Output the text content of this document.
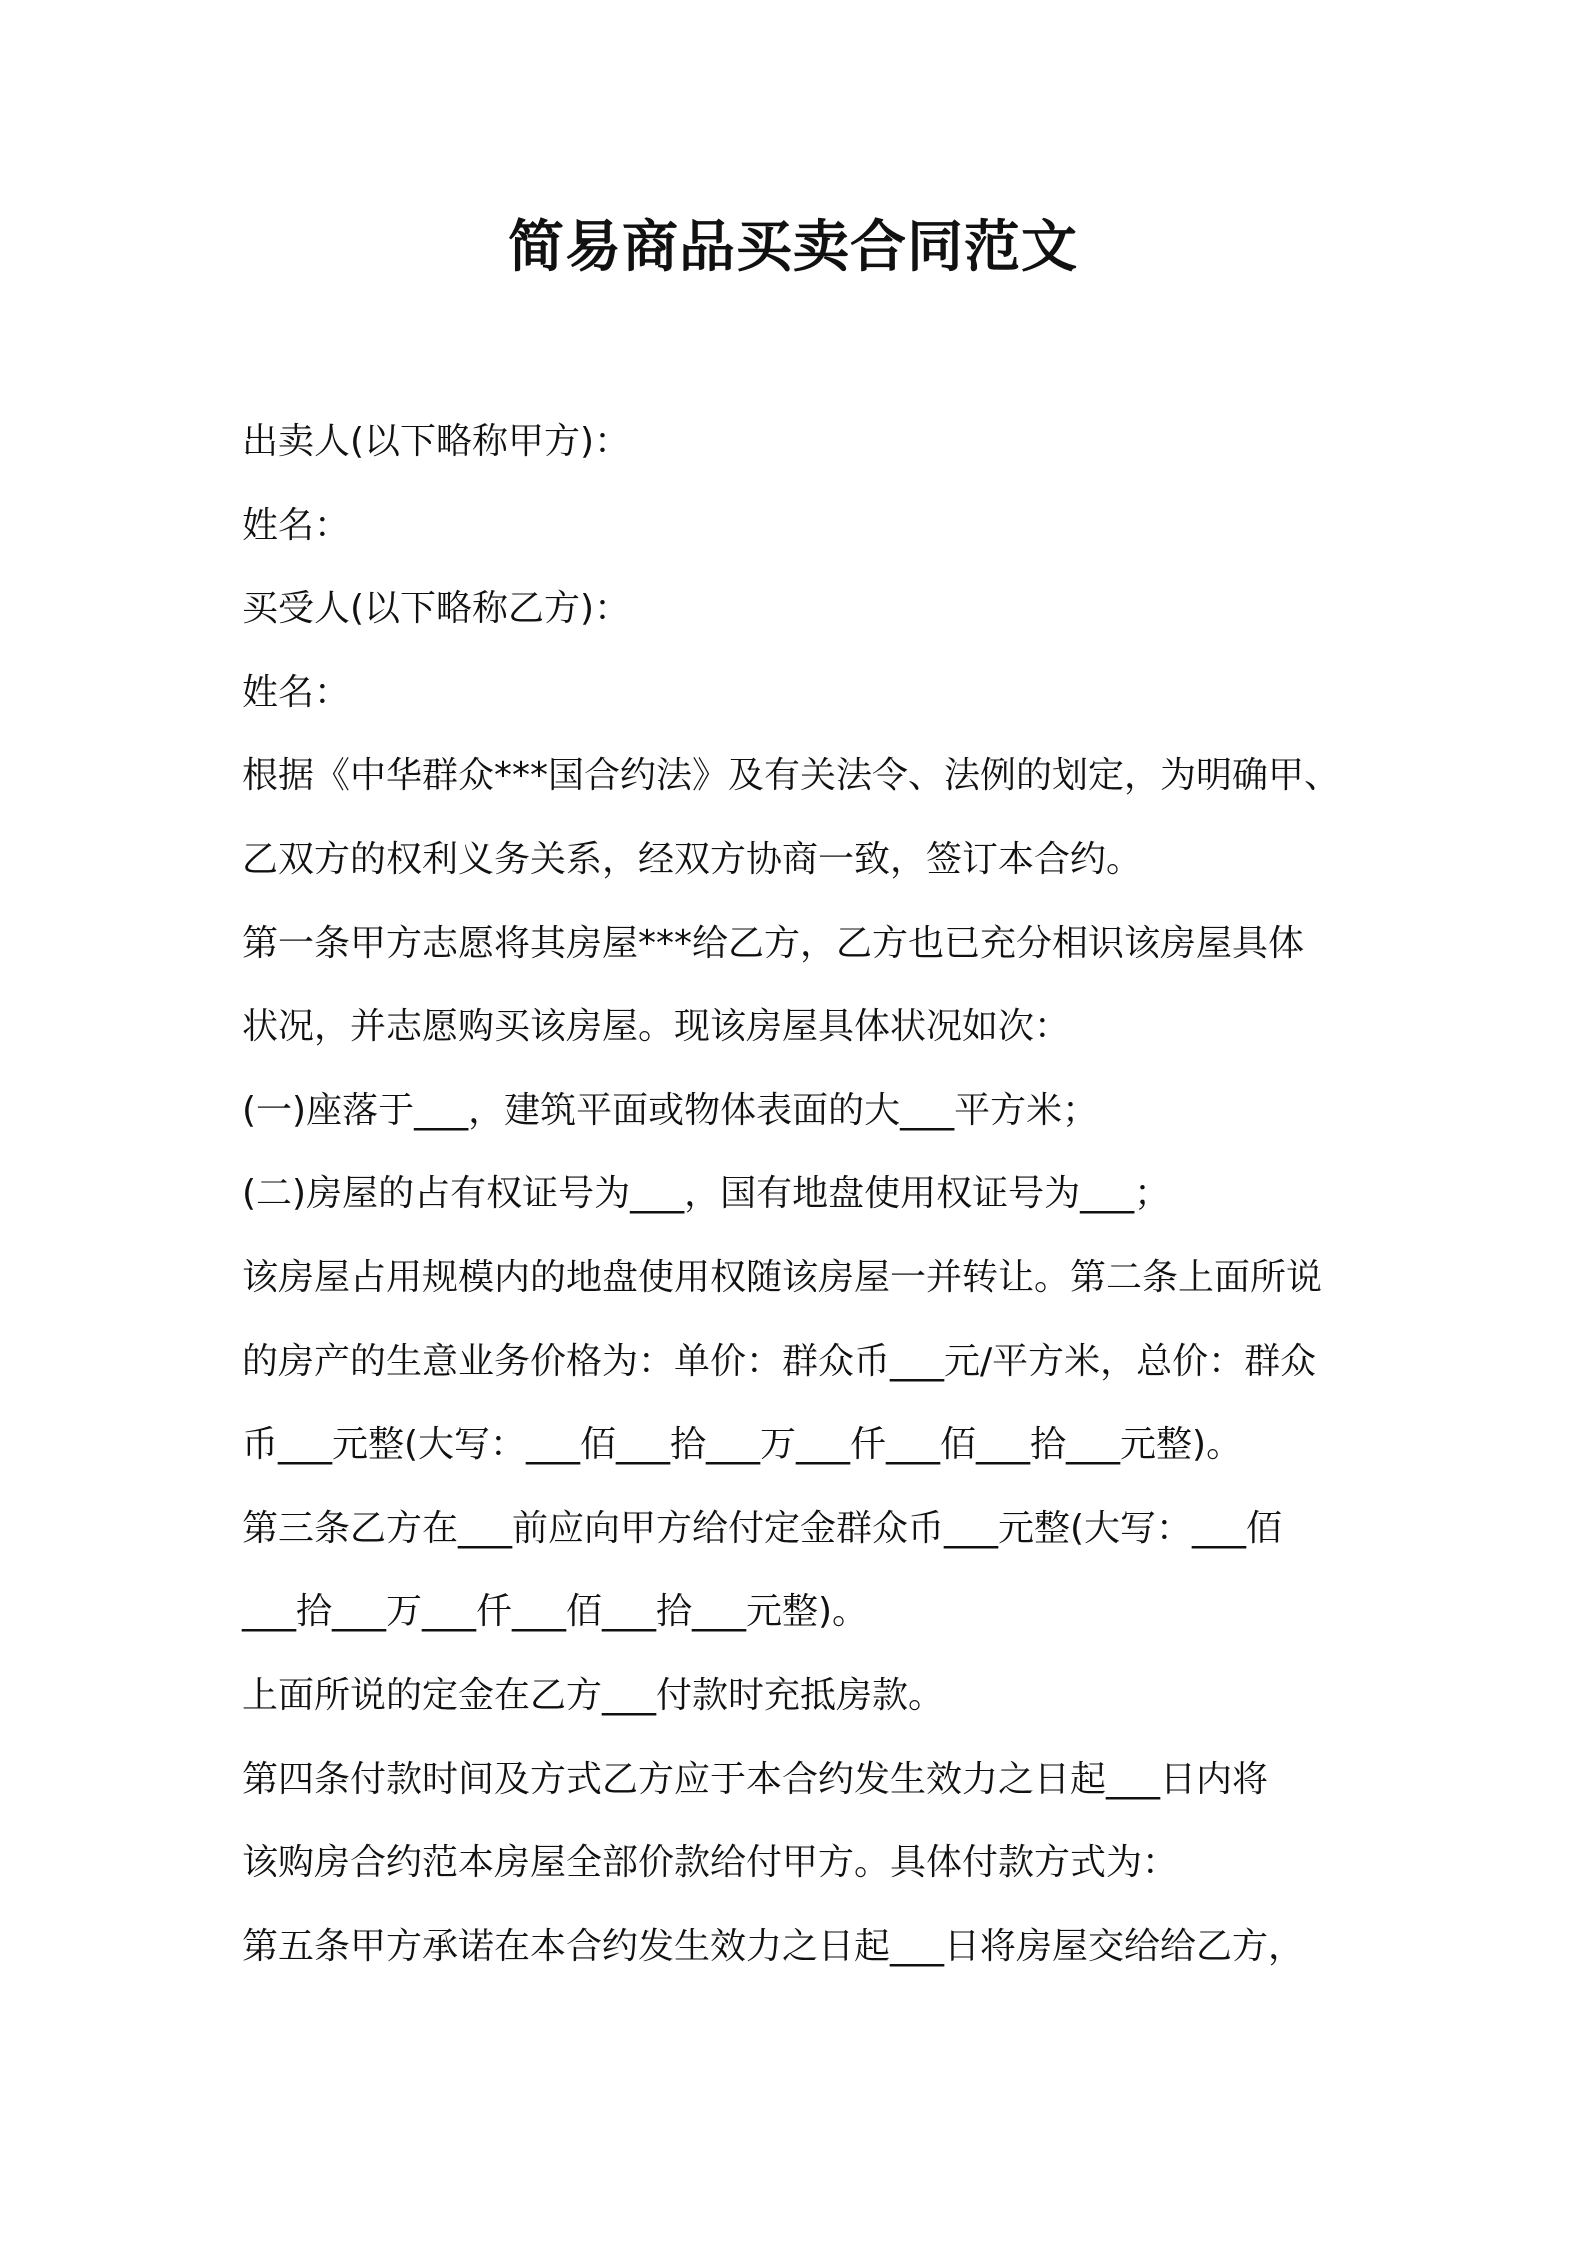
简易商品买卖合同范文

出卖人(以下略称甲方)：

姓名：

买受人(以下略称乙方)：

姓名：

根据《中华群众***国合约法》及有关法令、法例的划定，为明确甲、

乙双方的权利义务关系，经双方协商一致，签订本合约。

第一条甲方志愿将其房屋***给乙方，乙方也已充分相识该房屋具体

状况，并志愿购买该房屋。现该房屋具体状况如次：

(一)座落于___，建筑平面或物体表面的大___平方米；

(二)房屋的占有权证号为___，国有地盘使用权证号为___；

该房屋占用规模内的地盘使用权随该房屋一并转让。第二条上面所说

的房产的生意业务价格为：单价：群众币___元/平方米，总价：群众

币___元整(大写：___佰___拾___万___仟___佰___拾___元整)。

第三条乙方在___前应向甲方给付定金群众币___元整(大写：___佰

___拾___万___仟___佰___拾___元整)。

上面所说的定金在乙方___付款时充抵房款。

第四条付款时间及方式乙方应于本合约发生效力之日起___日内将

该购房合约范本房屋全部价款给付甲方。具体付款方式为：

第五条甲方承诺在本合约发生效力之日起___日将房屋交给给乙方，
